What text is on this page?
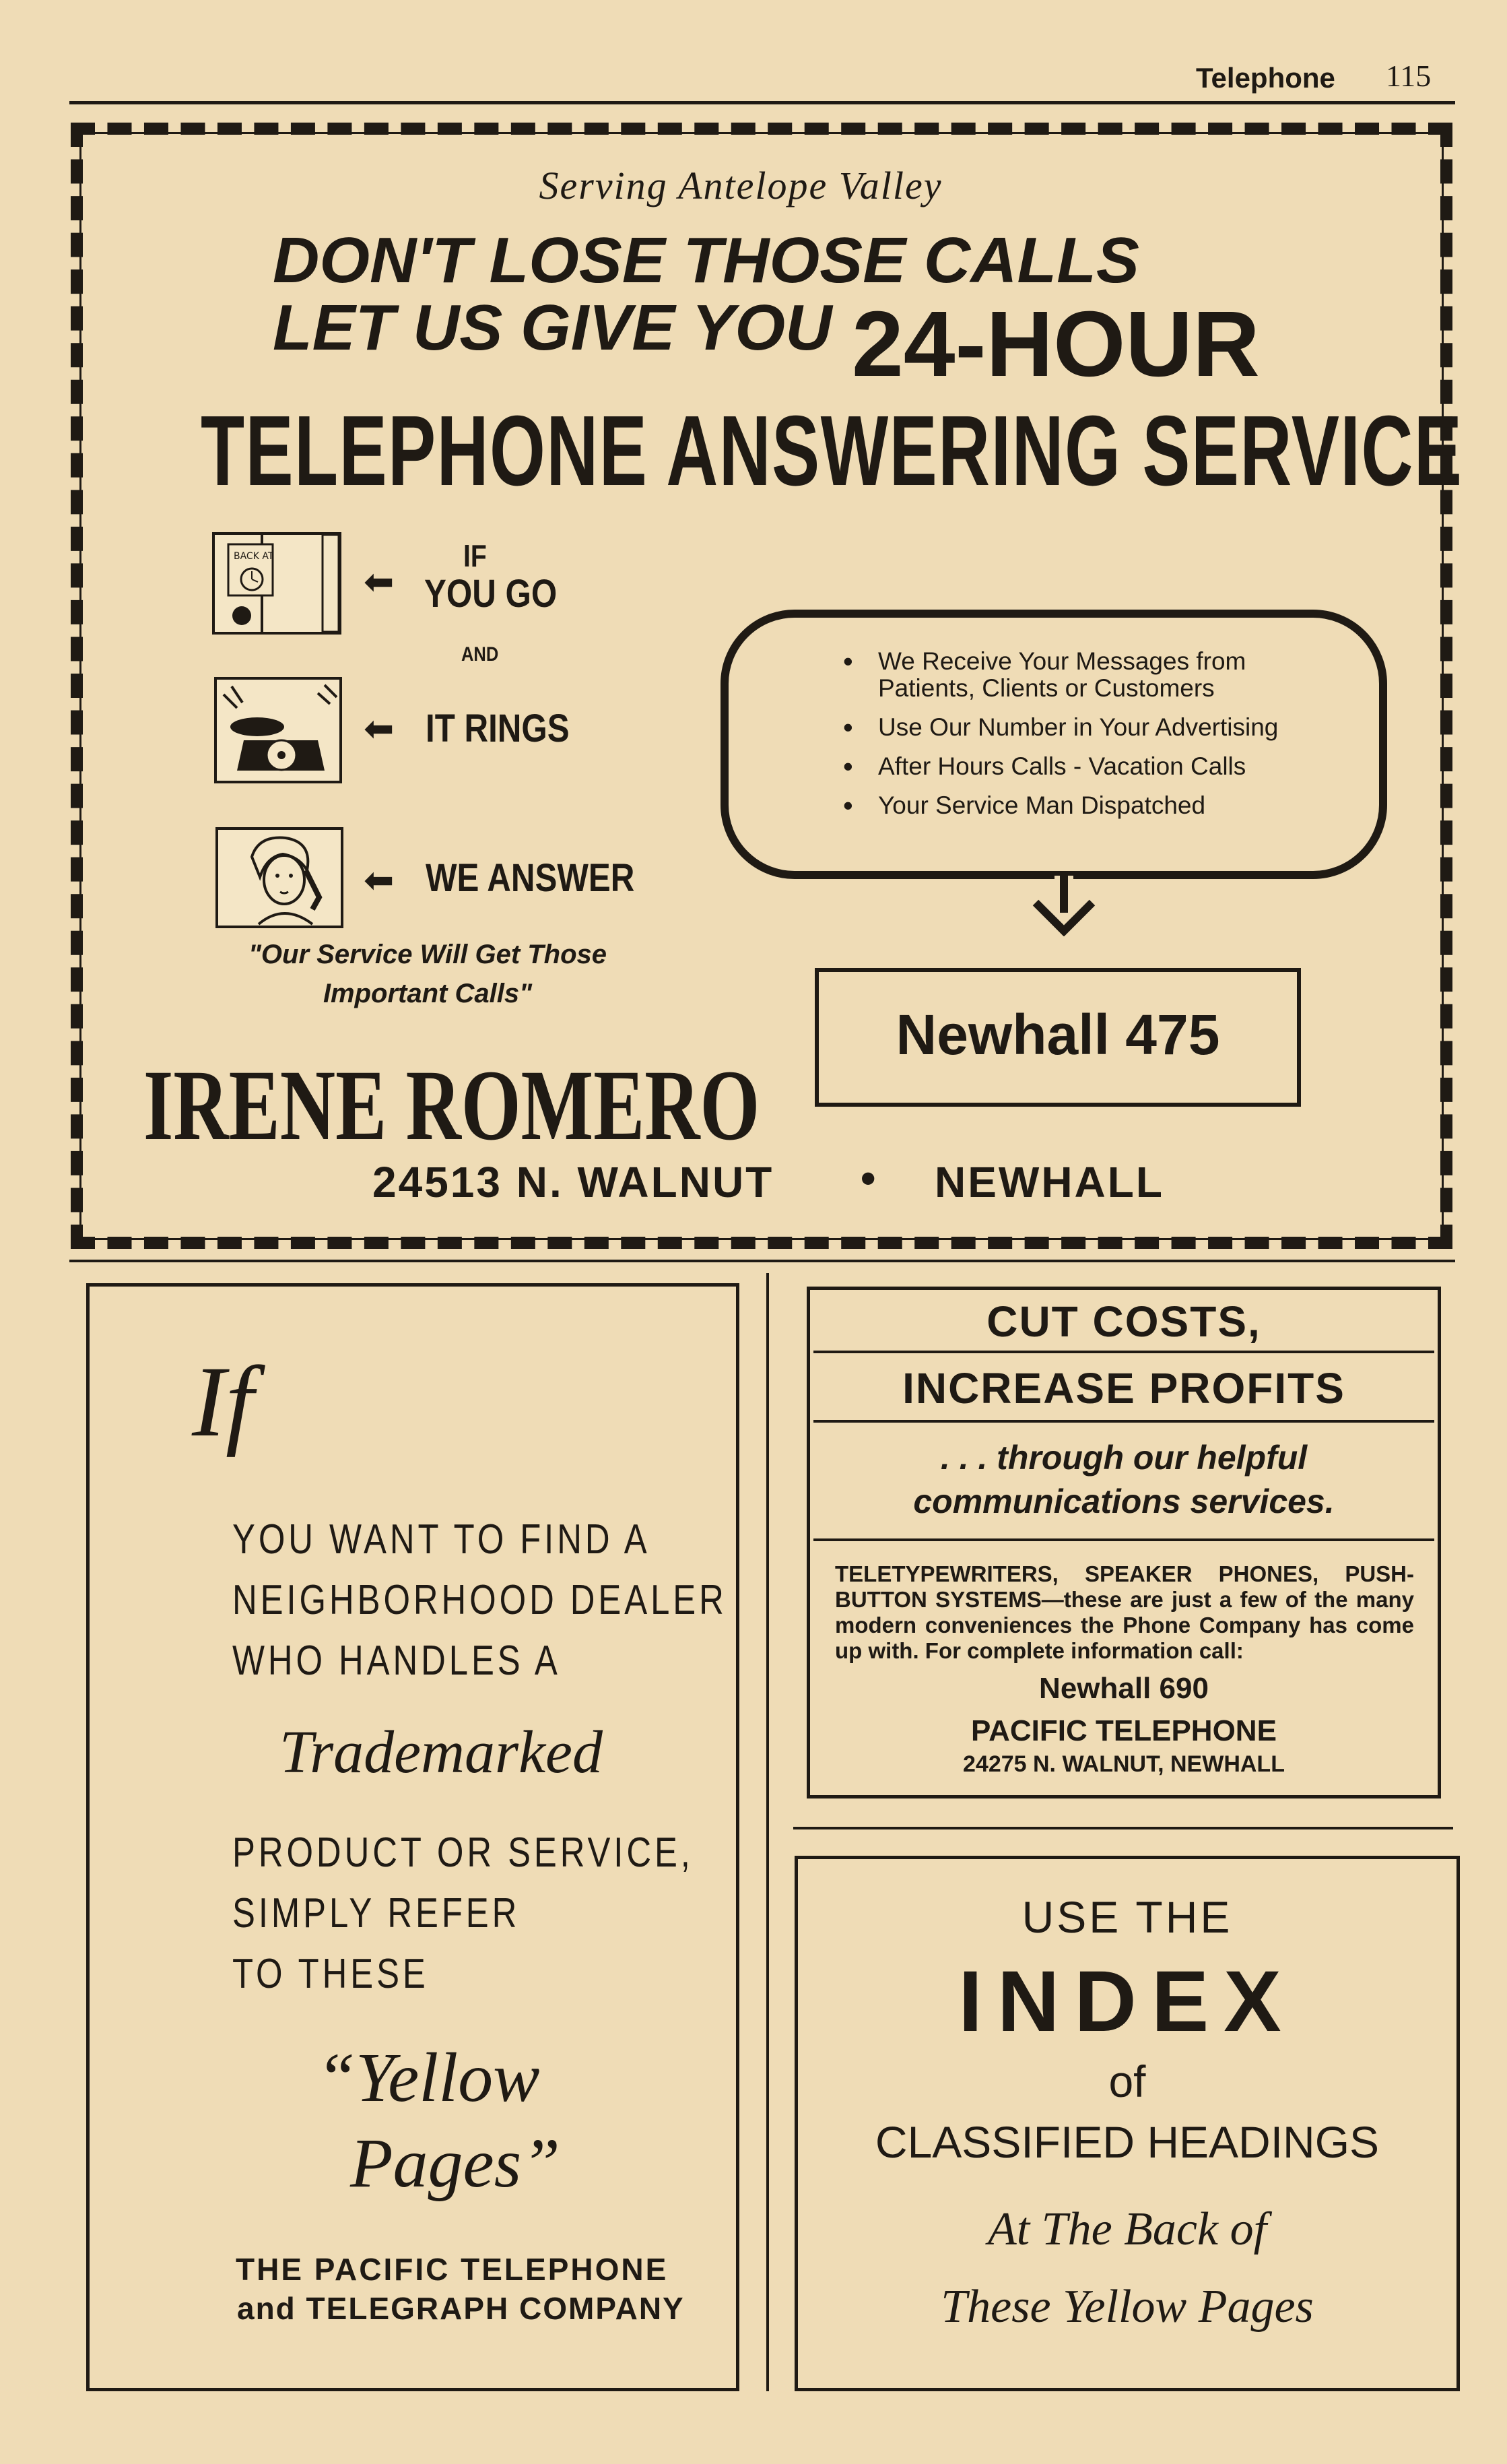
Telephone 115
Serving Antelope Valley
DON'T LOSE THOSE CALLS
LET US GIVE YOU 24-HOUR
TELEPHONE ANSWERING SERVICE
BACK AT
⬅
IF
YOU GO
AND
⬅ IT RINGS
⬅ WE ANSWER
"Our Service Will Get Those Important Calls"
• We Receive Your Messages from Patients, Clients or Customers
• Use Our Number in Your Advertising
• After Hours Calls - Vacation Calls
• Your Service Man Dispatched
Newhall 475
IRENE ROMERO
24513 N. WALNUT • NEWHALL
If
YOU WANT TO FIND A
NEIGHBORHOOD DEALER
WHO HANDLES A
Trademarked
PRODUCT OR SERVICE,
SIMPLY REFER
TO THESE
“Yellow
Pages”
THE PACIFIC TELEPHONE
and TELEGRAPH COMPANY
CUT COSTS,
INCREASE PROFITS
. . . through our helpful
communications services.
TELETYPEWRITERS, SPEAKER PHONES, PUSH-BUTTON SYSTEMS—these are just a few of the many modern conveniences the Phone Company has come up with. For complete information call:
Newhall 690
PACIFIC TELEPHONE
24275 N. WALNUT, NEWHALL
USE THE
INDEX
of
CLASSIFIED HEADINGS
At The Back of
These Yellow Pages
